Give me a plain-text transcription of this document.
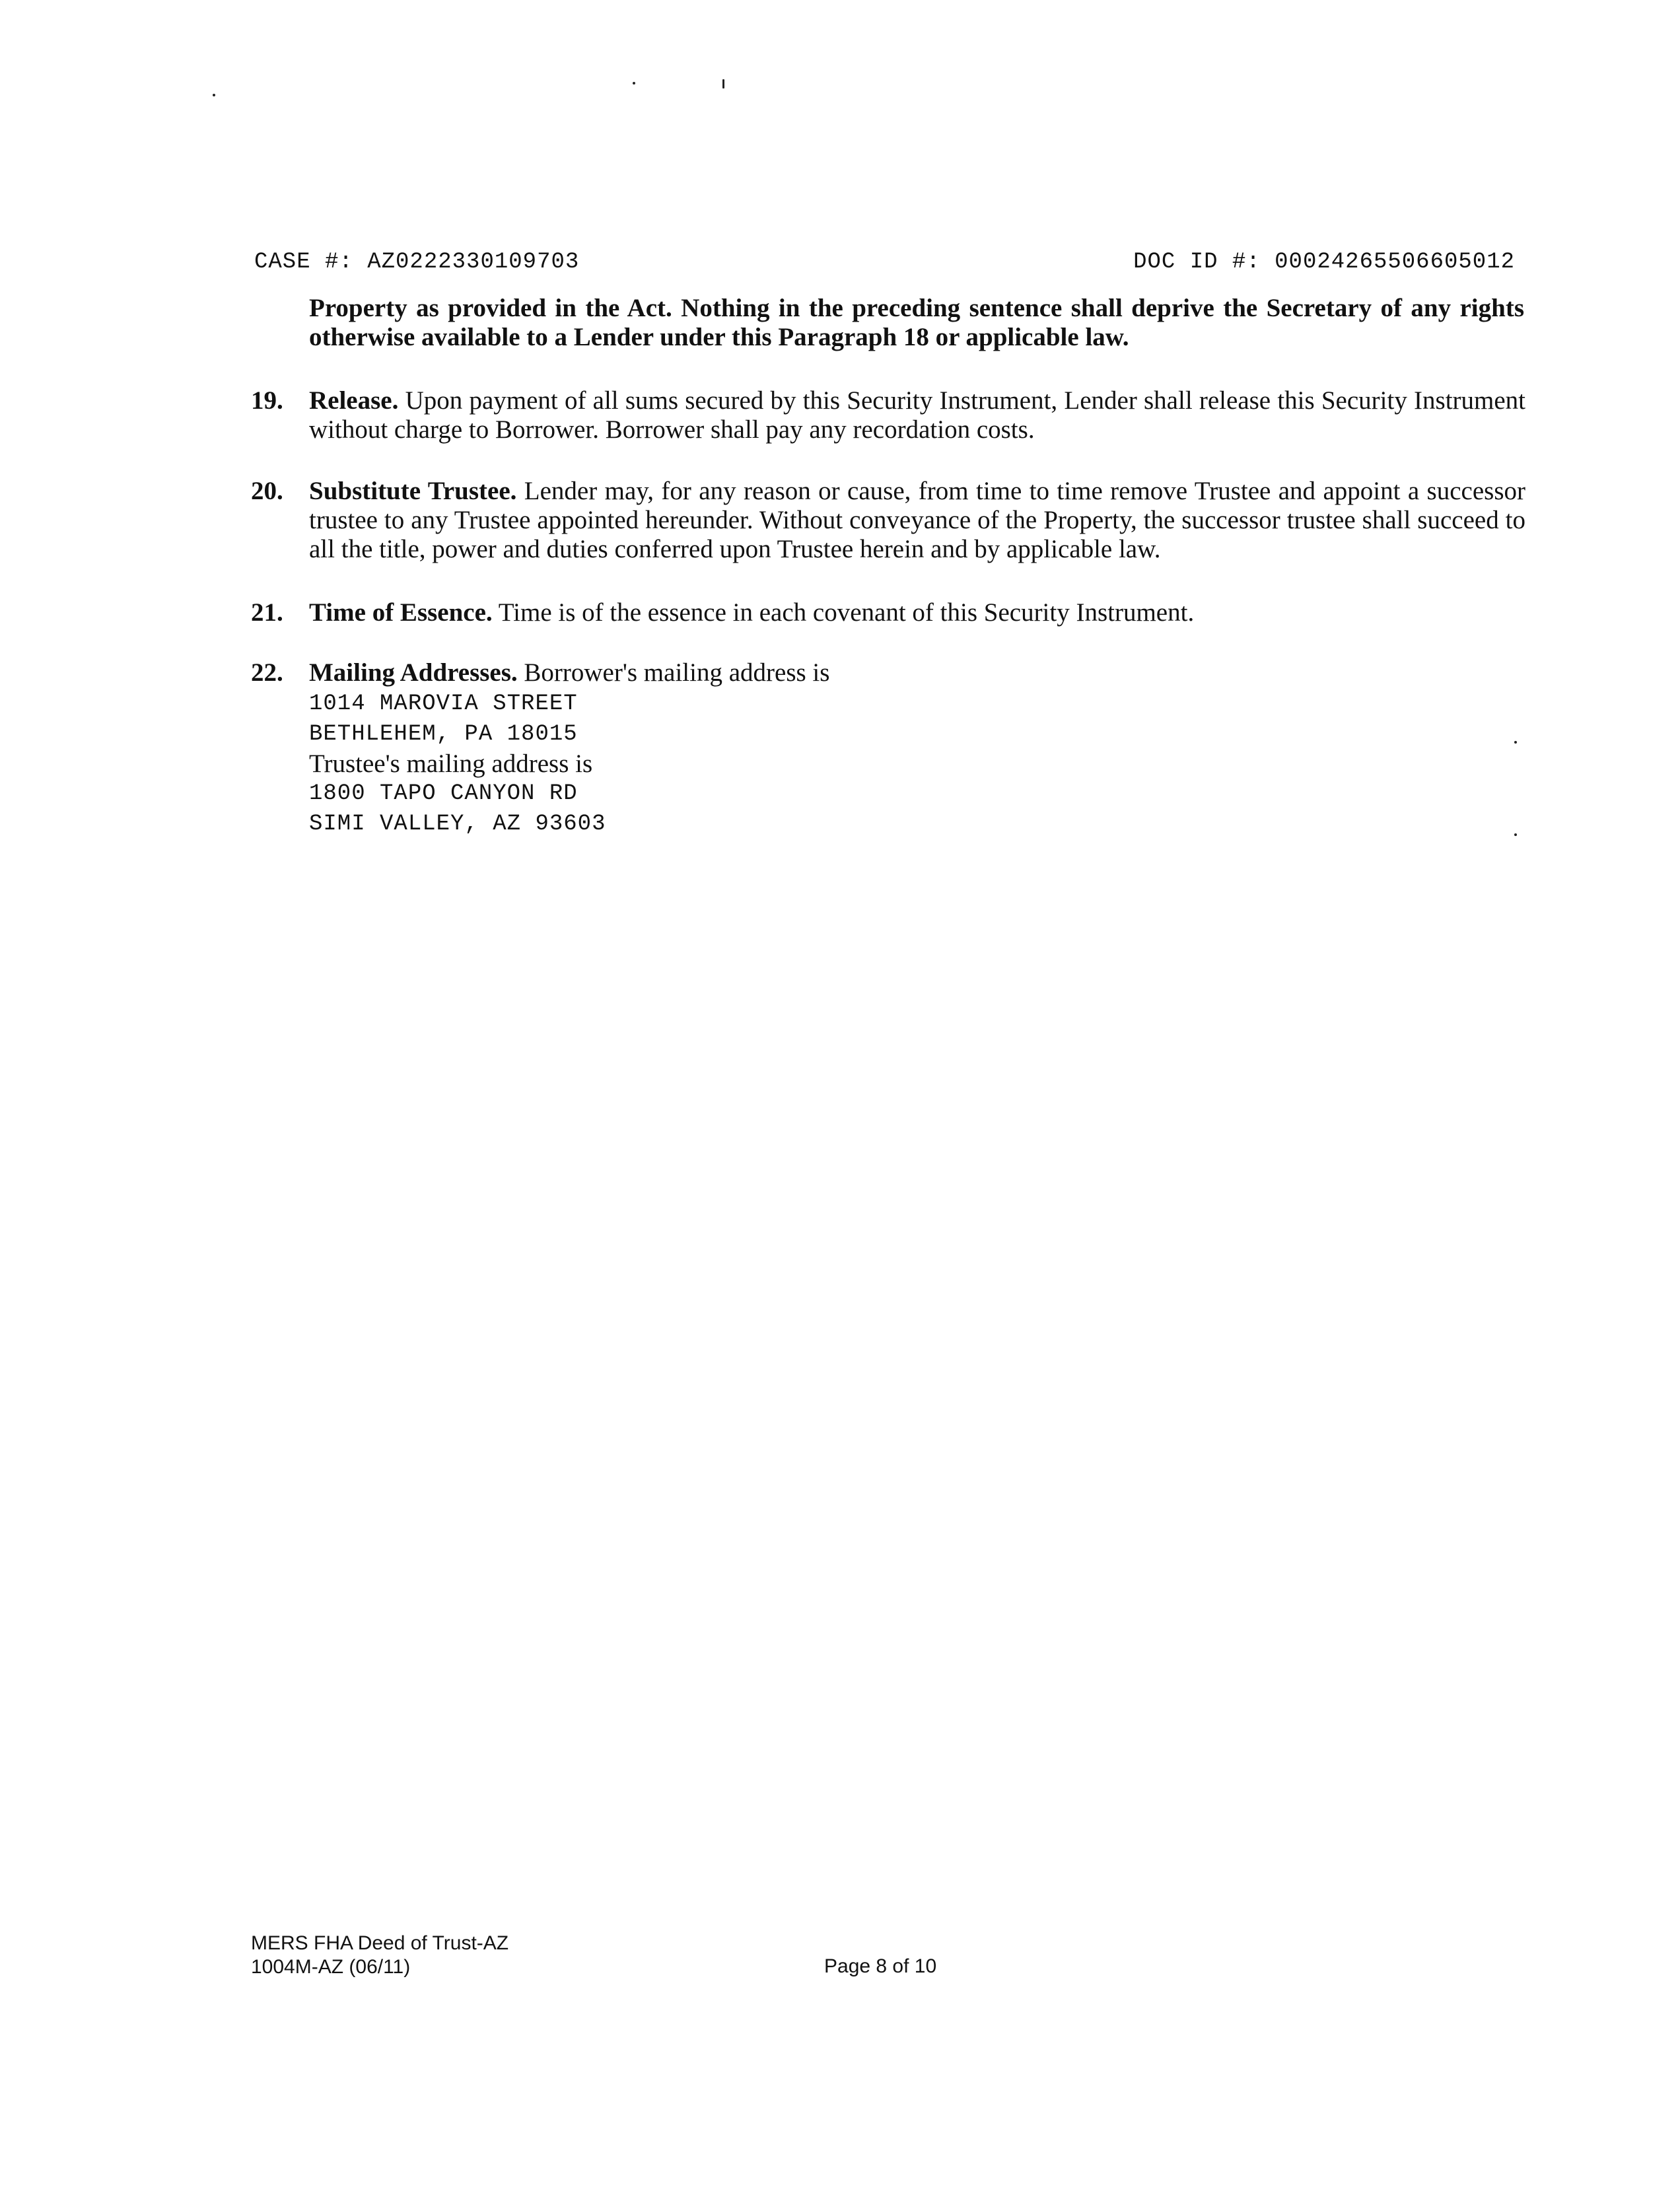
CASE #: AZ0222330109703	DOC ID #: 00024265506605012
Property as provided in the Act. Nothing in the preceding sentence shall deprive the Secretary of any rights otherwise available to a Lender under this Paragraph 18 or applicable law.
19. Release. Upon payment of all sums secured by this Security Instrument, Lender shall release this Security Instrument without charge to Borrower. Borrower shall pay any recordation costs.
20. Substitute Trustee. Lender may, for any reason or cause, from time to time remove Trustee and appoint a successor trustee to any Trustee appointed hereunder. Without conveyance of the Property, the successor trustee shall succeed to all the title, power and duties conferred upon Trustee herein and by applicable law.
21. Time of Essence. Time is of the essence in each covenant of this Security Instrument.
22. Mailing Addresses. Borrower's mailing address is
1014 MAROVIA STREET
BETHLEHEM, PA 18015
Trustee's mailing address is
1800 TAPO CANYON RD
SIMI VALLEY, AZ 93603
MERS FHA Deed of Trust-AZ
1004M-AZ (06/11)	Page 8 of 10
